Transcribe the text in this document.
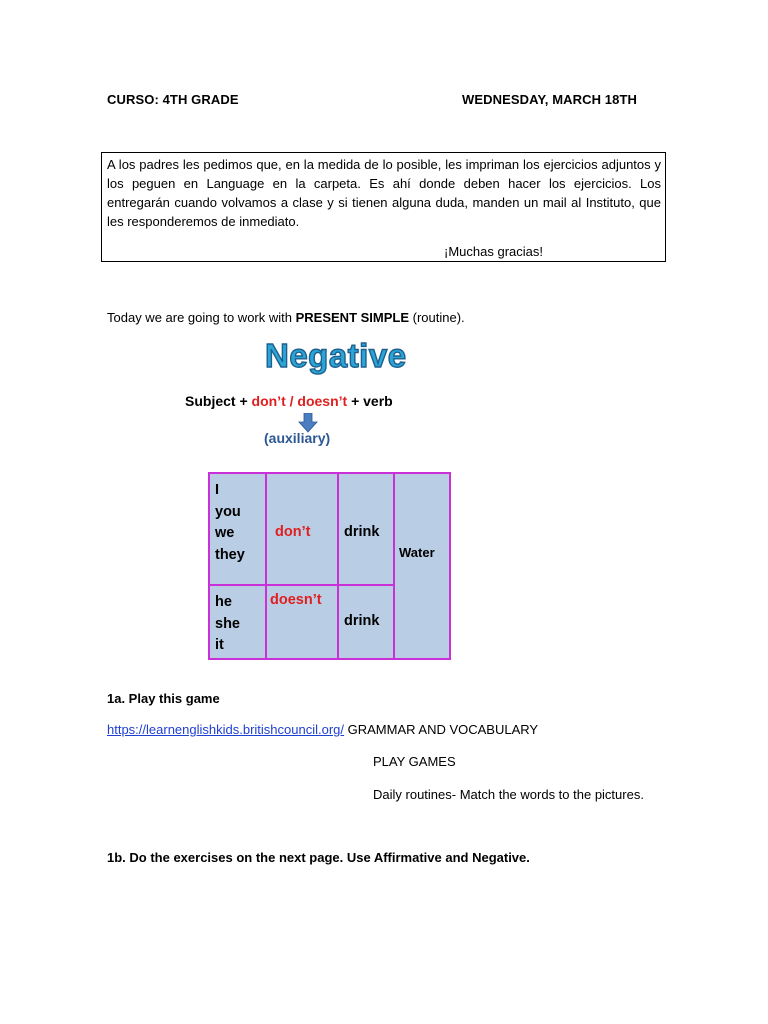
CURSO: 4TH GRADE	WEDNESDAY, MARCH 18TH
A los padres les pedimos que, en la medida de lo posible, les impriman los ejercicios adjuntos y los peguen en Language en la carpeta. Es ahí donde deben hacer los ejercicios. Los entregarán cuando volvamos a clase y si tienen alguna duda, manden un mail al Instituto, que les responderemos de inmediato.
¡Muchas gracias!
Today we are going to work with PRESENT SIMPLE (routine).
Negative
Subject + don’t / doesn’t + verb
(auxiliary)
I
you
we
they
don’t drink
Water
he
she
it
doesn’t
drink
1a. Play this game
https://learnenglishkids.britishcouncil.org/ GRAMMAR AND VOCABULARY
PLAY GAMES
Daily routines- Match the words to the pictures.
1b. Do the exercises on the next page. Use Affirmative and Negative.
